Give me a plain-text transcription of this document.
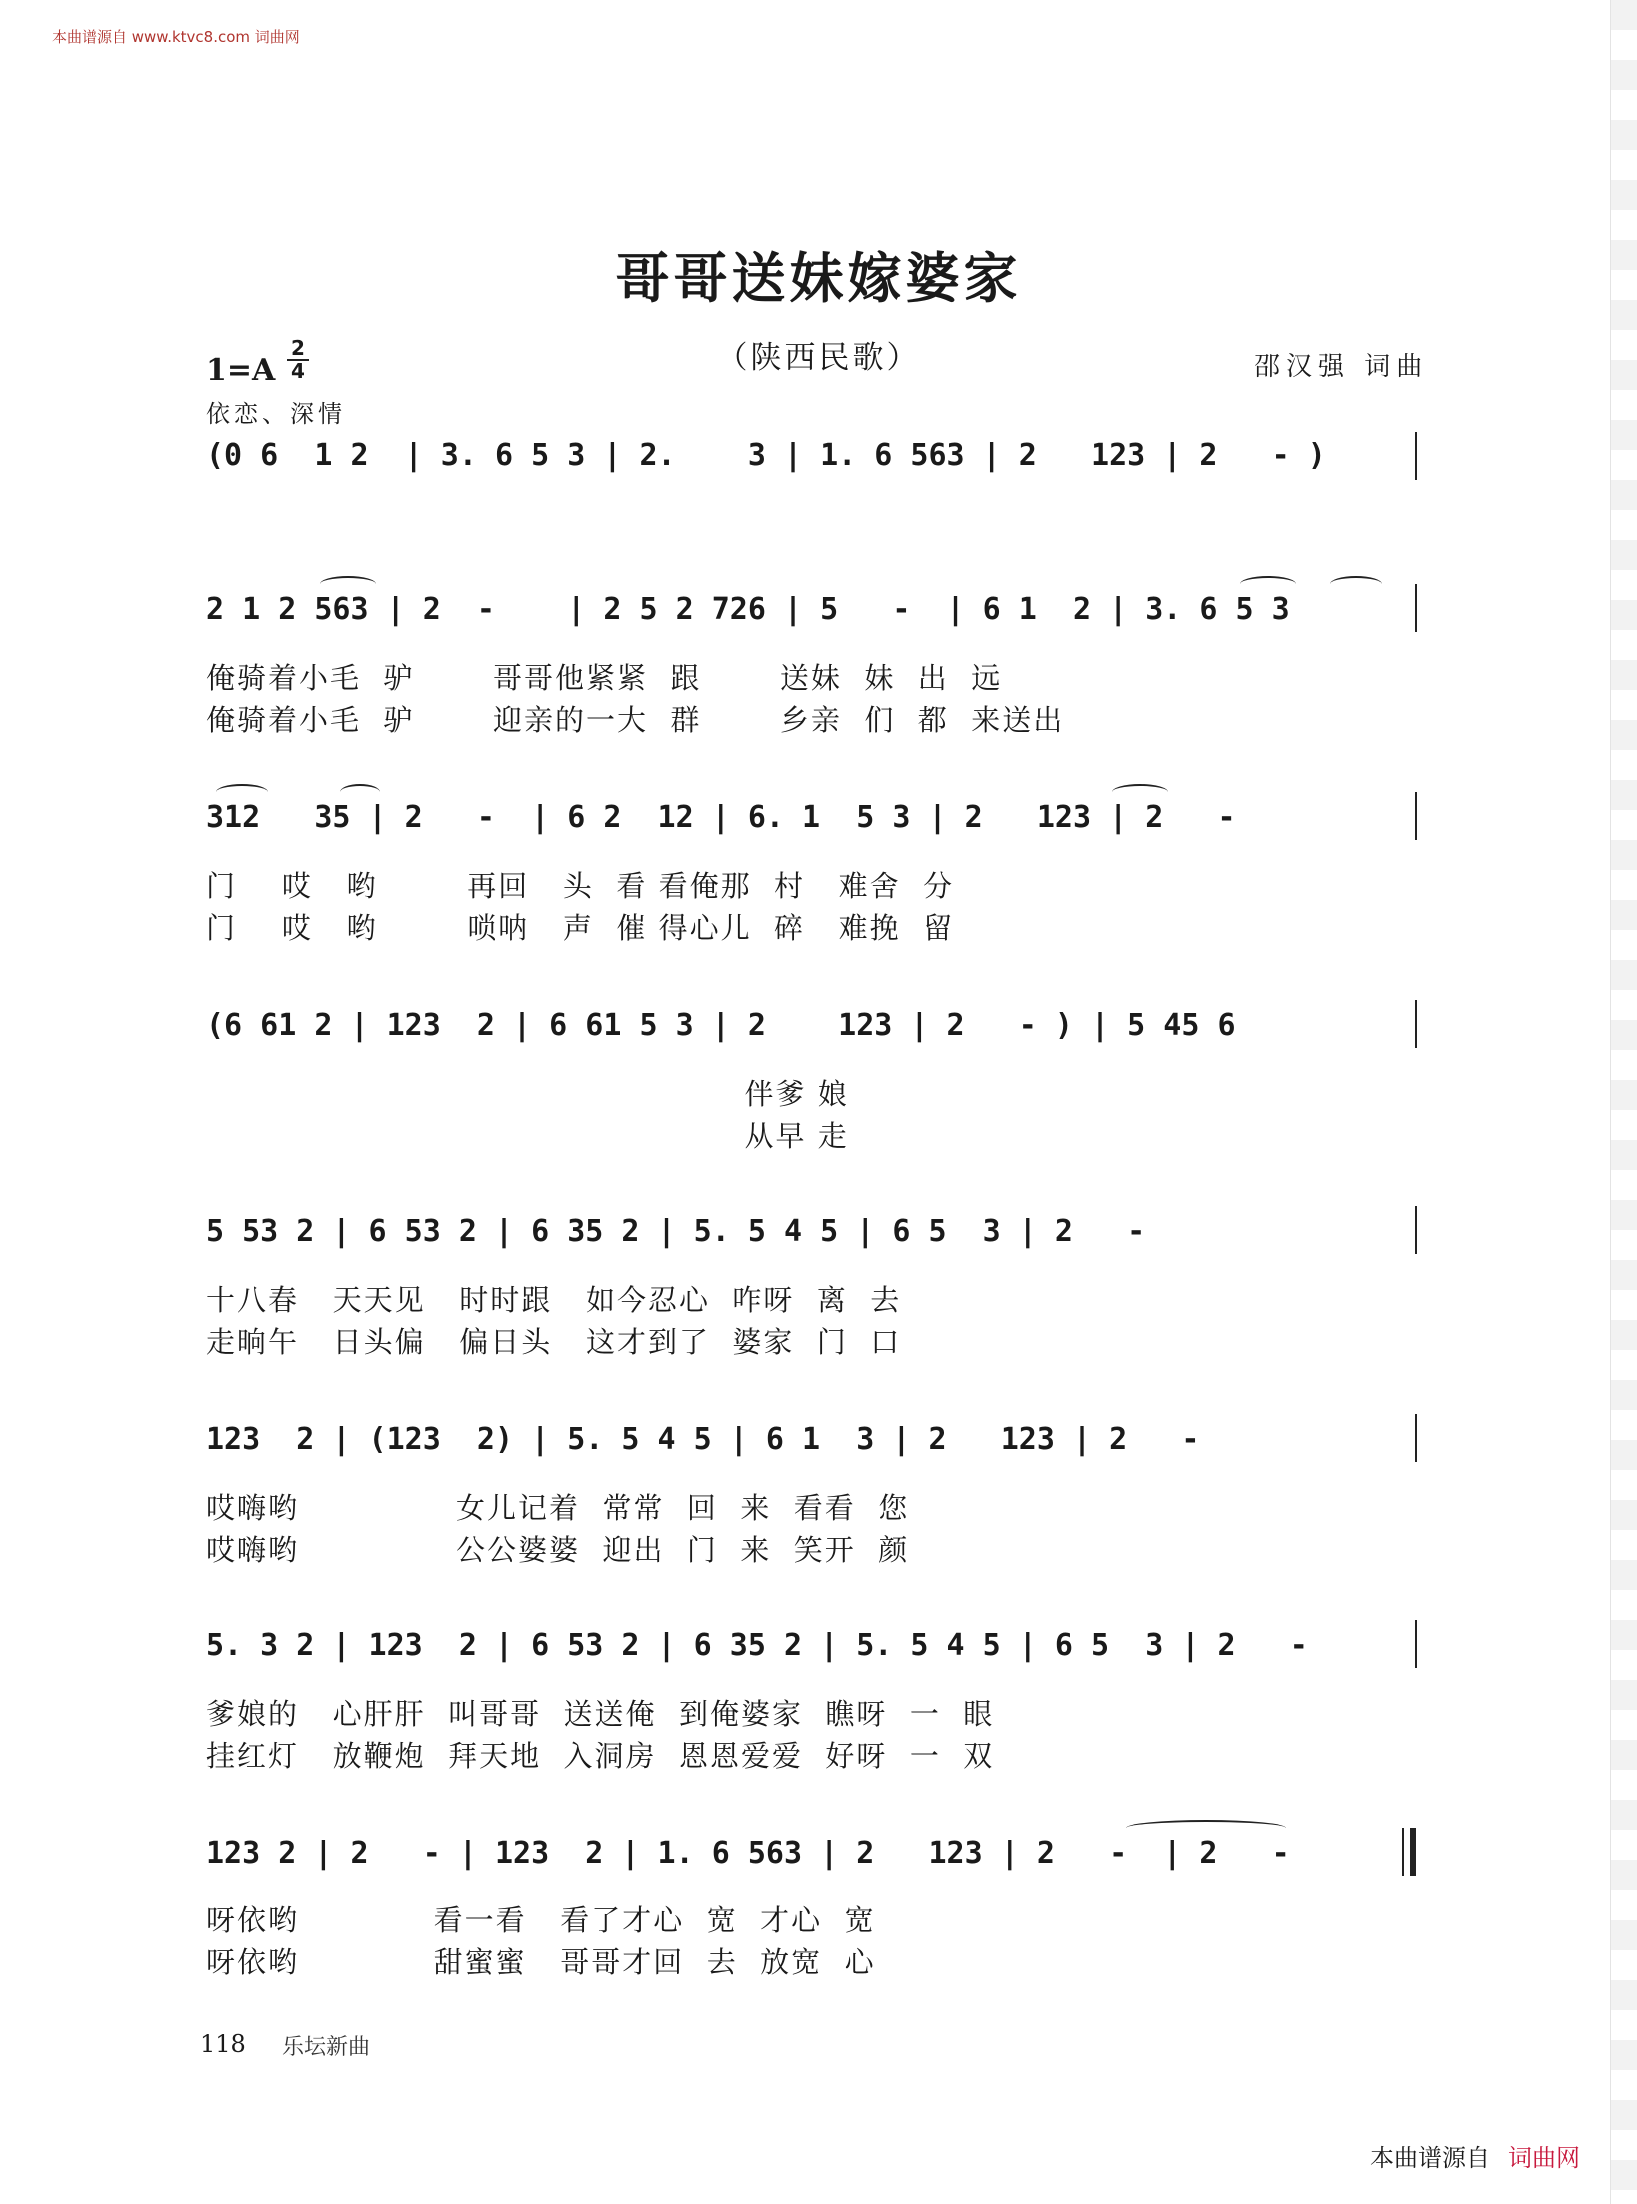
本曲谱源自 www.ktvc8.com 词曲网
哥哥送妹嫁婆家
（陕西民歌）	邵汉强 词曲
1=A
2
4
依恋、深情
(0 6  1 2  | 3. 6 5 3 | 2.    3 | 1. 6 563 | 2   123 | 2   - )
2 1 2 563 | 2  -    | 2 5 2 726 | 5   -  | 6 1  2 | 3. 6 5 3
俺骑着小毛  驴       哥哥他紧紧  跟       送妹  妹  出  远
俺骑着小毛  驴       迎亲的一大  群       乡亲  们  都  来送出
312   35 | 2   -  | 6 2  12 | 6. 1  5 3 | 2   123 | 2   -
门    哎   哟        再回   头  看 看俺那  村   难舍  分
门    哎   哟        唢呐   声  催 得心儿  碎   难挽  留
(6 61 2 | 123  2 | 6 61 5 3 | 2    123 | 2   - ) | 5 45 6
伴爹 娘
从早 走
5 53 2 | 6 53 2 | 6 35 2 | 5. 5 4 5 | 6 5  3 | 2   -
十八春   天天见   时时跟   如今忍心  咋呀  离  去
走晌午   日头偏   偏日头   这才到了  婆家  门  口
123  2 | (123  2) | 5. 5 4 5 | 6 1  3 | 2   123 | 2   -
哎嗨哟              女儿记着  常常  回  来  看看  您
哎嗨哟              公公婆婆  迎出  门  来  笑开  颜
5. 3 2 | 123  2 | 6 53 2 | 6 35 2 | 5. 5 4 5 | 6 5  3 | 2   -
爹娘的   心肝肝  叫哥哥  送送俺  到俺婆家  瞧呀  一  眼
挂红灯   放鞭炮  拜天地  入洞房  恩恩爱爱  好呀  一  双
123 2 | 2   - | 123  2 | 1. 6 563 | 2   123 | 2   -  | 2   -
呀依哟            看一看   看了才心  宽  才心  宽
呀依哟            甜蜜蜜   哥哥才回  去  放宽  心
118 乐坛新曲
本曲谱源自 词曲网
